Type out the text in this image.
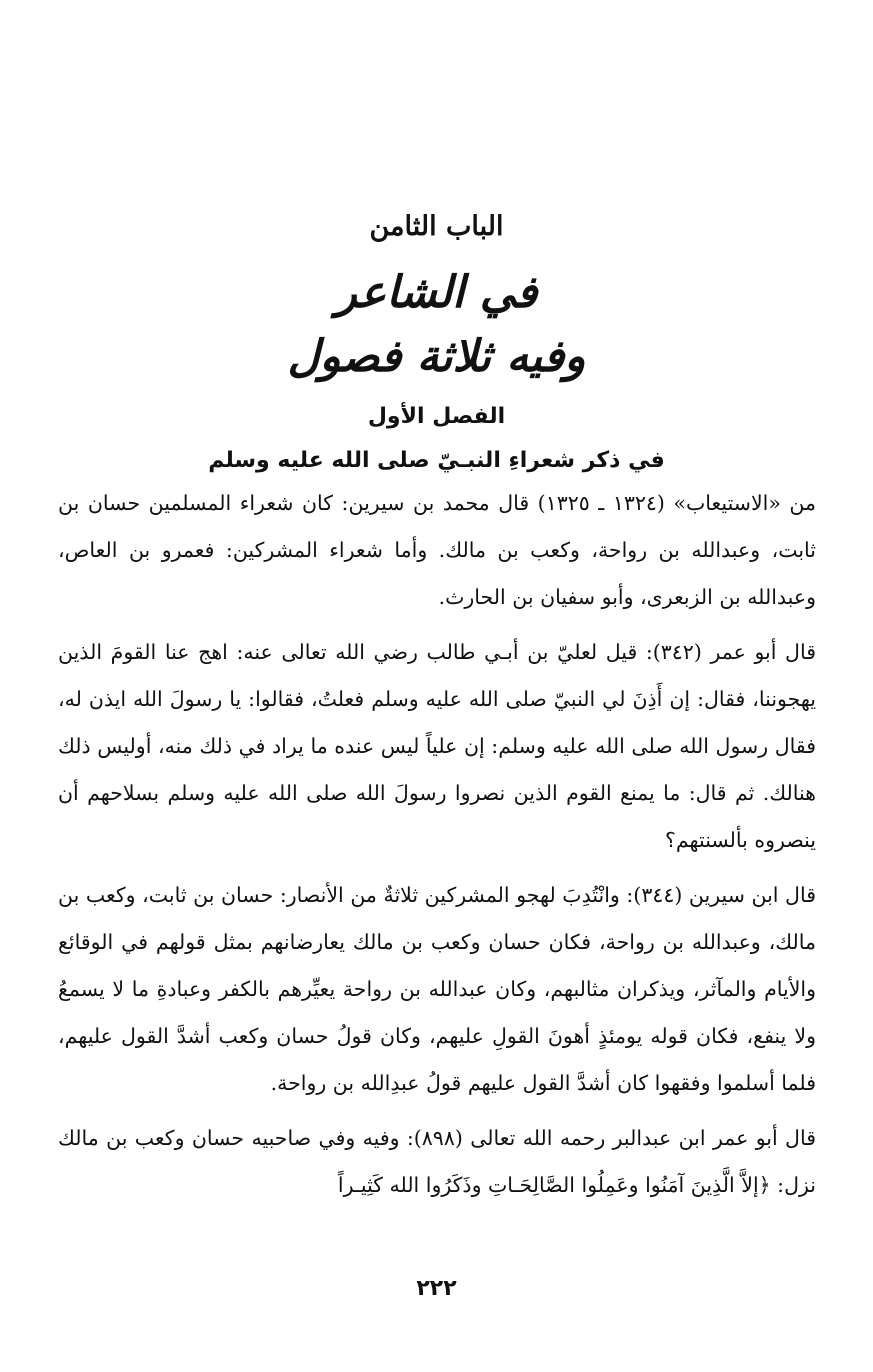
الباب الثامن
في الشاعر
وفيه ثلاثة فصول
الفصل الأول
في ذكر شعراءِ النبـيّ صلى الله عليه وسلم

من «الاستيعاب» (١٣٢٤ ـ ١٣٢٥) قال محمد بن سيرين: كان شعراء المسلمين حسان بن ثابت، وعبدالله بن رواحة، وكعب بن مالك. وأما شعراء المشركين: فعمرو بن العاص، وعبدالله بن الزبعرى، وأبو سفيان بن الحارث.

قال أبو عمر (٣٤٢): قيل لعليّ بن أبـي طالب رضي الله تعالى عنه: اهج عنا القومَ الذين يهجوننا، فقال: إن أَذِنَ لي النبيّ صلى الله عليه وسلم فعلتُ، فقالوا: يا رسولَ الله ايذن له، فقال رسول الله صلى الله عليه وسلم: إن علياً ليس عنده ما يراد في ذلك منه، أوليس ذلك هنالك. ثم قال: ما يمنع القوم الذين نصروا رسولَ الله صلى الله عليه وسلم بسلاحهم أن ينصروه بألسنتهم؟

قال ابن سيرين (٣٤٤): وانْتُدِبَ لهجو المشركين ثلاثةٌ من الأنصار: حسان بن ثابت، وكعب بن مالك، وعبدالله بن رواحة، فكان حسان وكعب بن مالك يعارضانهم بمثل قولهم في الوقائع والأيام والمآثر، ويذكران مثالبهم، وكان عبدالله بن رواحة يعيِّرهم بالكفر وعبادةِ ما لا يسمعُ ولا ينفع، فكان قوله يومئذٍ أهونَ القولِ عليهم، وكان قولُ حسان وكعب أشدَّ القول عليهم، فلما أسلموا وفقهوا كان أشدَّ القول عليهم قولُ عبدِالله بن رواحة.

قال أبو عمر ابن عبدالبر رحمه الله تعالى (٨٩٨): وفيه وفي صاحبيه حسان وكعب بن مالك نزل: ﴿إلاَّ الَّذِينَ آمَنُوا وعَمِلُوا الصَّالِحَـاتِ وذَكَرُوا الله كَثِيـراً

٢٢٢
